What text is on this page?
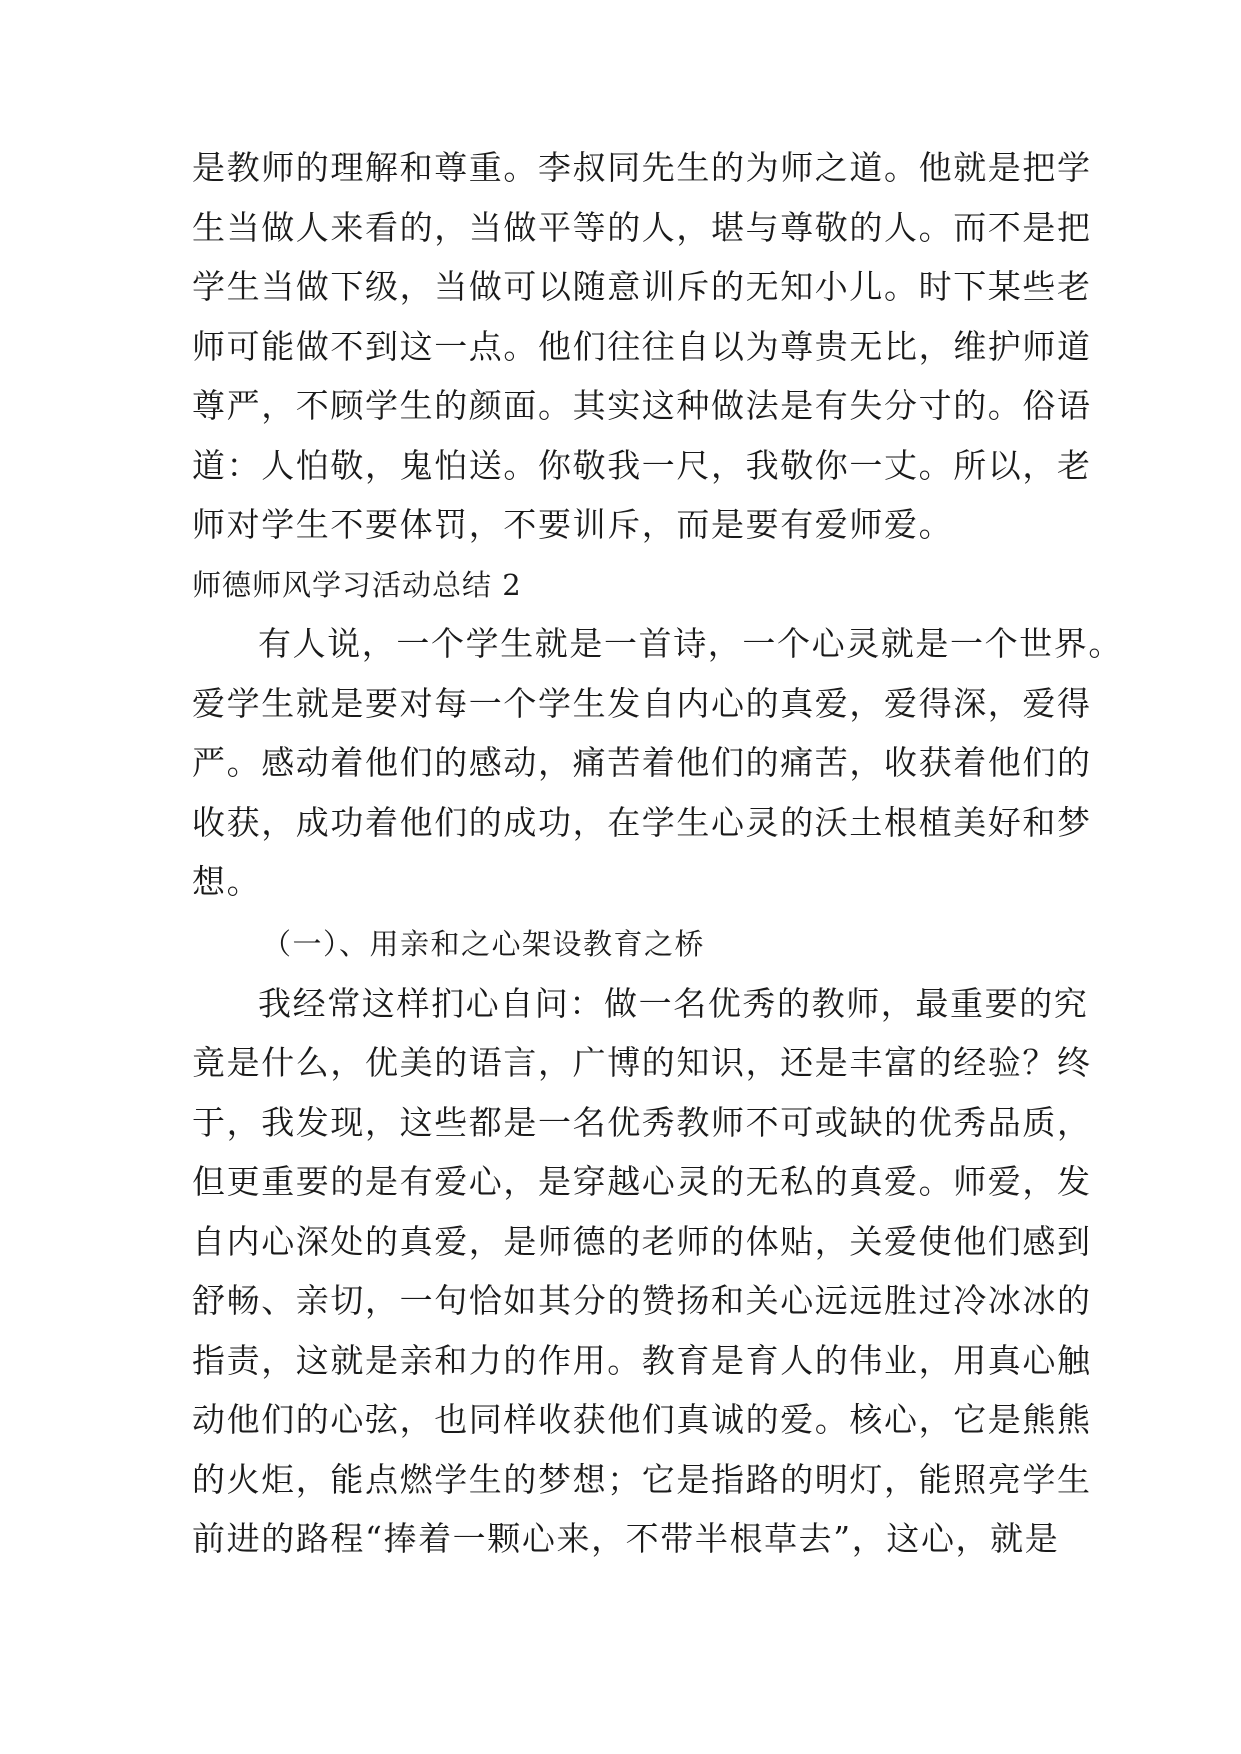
是教师的理解和尊重。李叔同先生的为师之道。他就是把学
生当做人来看的，当做平等的人，堪与尊敬的人。而不是把
学生当做下级，当做可以随意训斥的无知小儿。时下某些老
师可能做不到这一点。他们往往自以为尊贵无比，维护师道
尊严，不顾学生的颜面。其实这种做法是有失分寸的。俗语
道：人怕敬，鬼怕送。你敬我一尺，我敬你一丈。所以，老
师对学生不要体罚，不要训斥，而是要有爱师爱。
师德师风学习活动总结 2
有人说，一个学生就是一首诗，一个心灵就是一个世界。
爱学生就是要对每一个学生发自内心的真爱，爱得深，爱得
严。感动着他们的感动，痛苦着他们的痛苦，收获着他们的
收获，成功着他们的成功，在学生心灵的沃土根植美好和梦
想。
（一）、用亲和之心架设教育之桥
我经常这样扪心自问：做一名优秀的教师，最重要的究
竟是什么，优美的语言，广博的知识，还是丰富的经验？终
于，我发现，这些都是一名优秀教师不可或缺的优秀品质，
但更重要的是有爱心，是穿越心灵的无私的真爱。师爱，发
自内心深处的真爱，是师德的老师的体贴，关爱使他们感到
舒畅、亲切，一句恰如其分的赞扬和关心远远胜过冷冰冰的
指责，这就是亲和力的作用。教育是育人的伟业，用真心触
动他们的心弦，也同样收获他们真诚的爱。核心，它是熊熊
的火炬，能点燃学生的梦想；它是指路的明灯，能照亮学生
前进的路程“捧着一颗心来，不带半根草去”，这心，就是
